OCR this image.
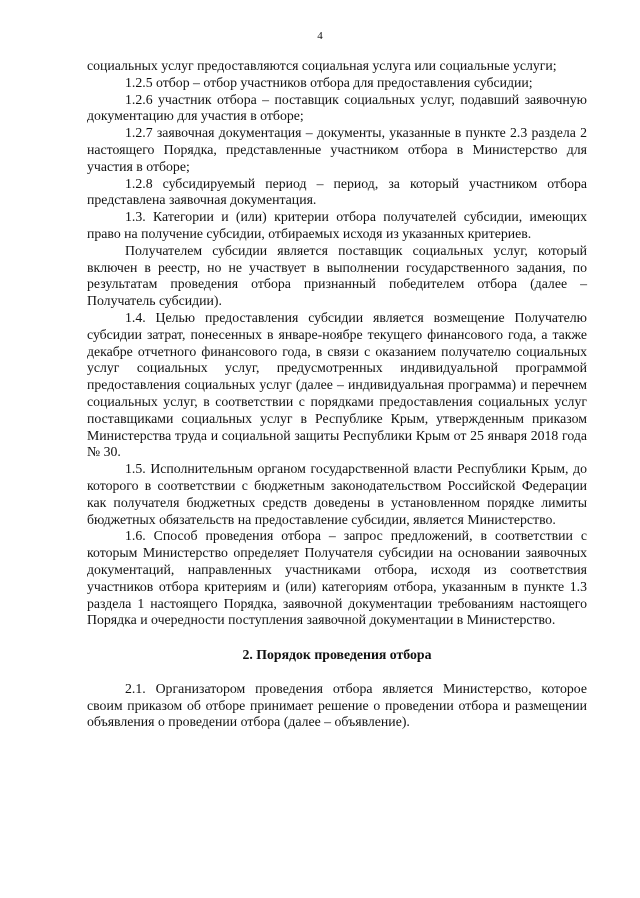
4

социальных услуг предоставляются социальная услуга или социальные услуги;

1.2.5 отбор – отбор участников отбора для предоставления субсидии;

1.2.6 участник отбора – поставщик социальных услуг, подавший заявочную документацию для участия в отборе;

1.2.7 заявочная документация – документы, указанные в пункте 2.3 раздела 2 настоящего Порядка, представленные участником отбора в Министерство для участия в отборе;

1.2.8 субсидируемый период – период, за который участником отбора представлена заявочная документация.

1.3. Категории и (или) критерии отбора получателей субсидии, имеющих право на получение субсидии, отбираемых исходя из указанных критериев.

Получателем субсидии является поставщик социальных услуг, который включен в реестр, но не участвует в выполнении государственного задания, по результатам проведения отбора признанный победителем отбора (далее – Получатель субсидии).

1.4. Целью предоставления субсидии является возмещение Получателю субсидии затрат, понесенных в январе-ноябре текущего финансового года, а также декабре отчетного финансового года, в связи с оказанием получателю социальных услуг социальных услуг, предусмотренных индивидуальной программой предоставления социальных услуг (далее – индивидуальная программа) и перечнем социальных услуг, в соответствии с порядками предоставления социальных услуг поставщиками социальных услуг в Республике Крым, утвержденным приказом Министерства труда и социальной защиты Республики Крым от 25 января 2018 года № 30.

1.5. Исполнительным органом государственной власти Республики Крым, до которого в соответствии с бюджетным законодательством Российской Федерации как получателя бюджетных средств доведены в установленном порядке лимиты бюджетных обязательств на предоставление субсидии, является Министерство.

1.6. Способ проведения отбора – запрос предложений, в соответствии с которым Министерство определяет Получателя субсидии на основании заявочных документаций, направленных участниками отбора, исходя из соответствия участников отбора критериям и (или) категориям отбора, указанным в пункте 1.3 раздела 1 настоящего Порядка, заявочной документации требованиям настоящего Порядка и очередности поступления заявочной документации в Министерство.

2. Порядок проведения отбора

2.1. Организатором проведения отбора является Министерство, которое своим приказом об отборе принимает решение о проведении отбора и размещении объявления о проведении отбора (далее – объявление).
